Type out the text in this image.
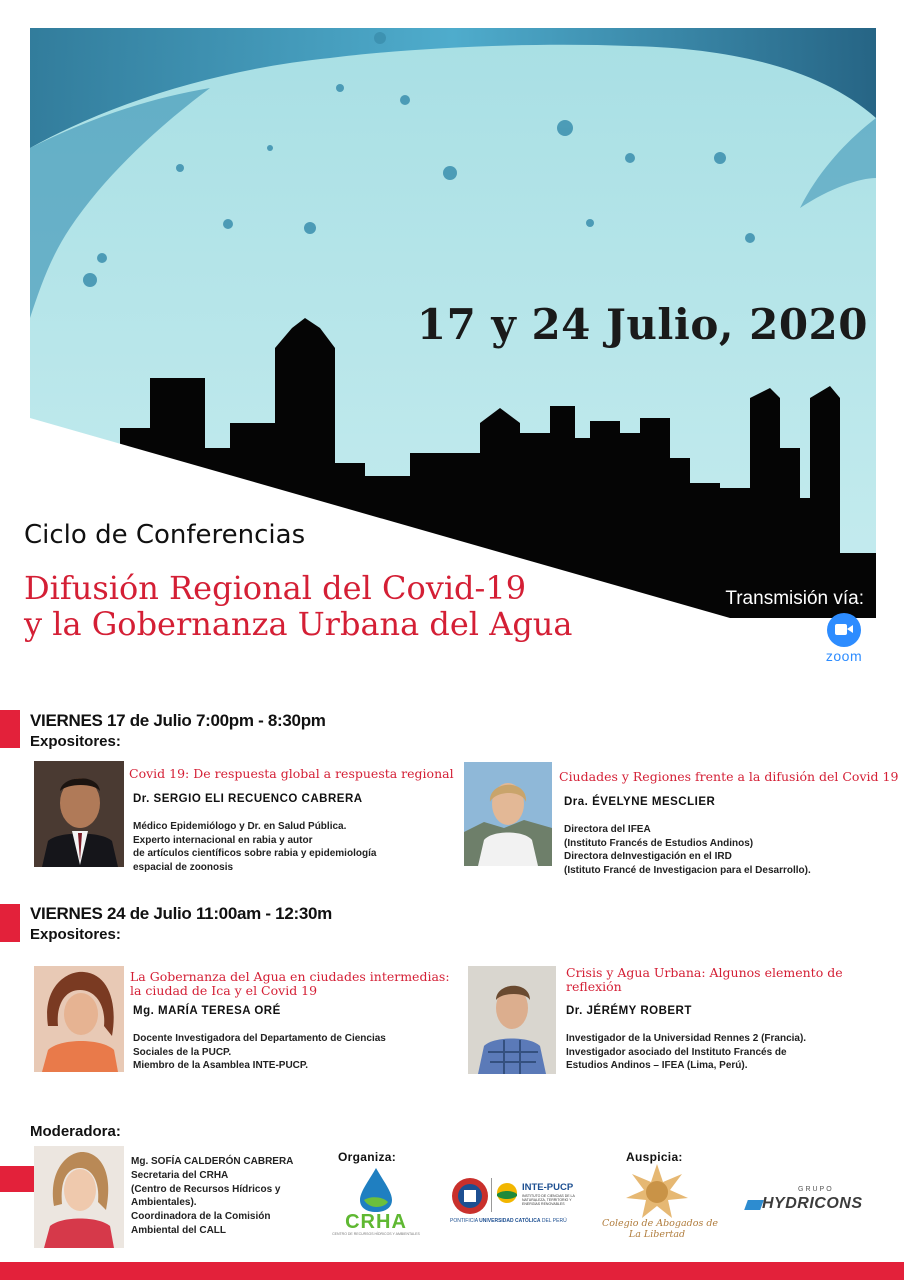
17 y 24 Julio, 2020
Ciclo de Conferencias
Difusión Regional del Covid-19
y la Gobernanza Urbana del Agua
Transmisión vía:
zoom
VIERNES 17 de Julio 7:00pm - 8:30pm
Expositores:
Covid 19: De respuesta global a respuesta regional
Dr. SERGIO ELI RECUENCO CABRERA
Médico Epidemiólogo y Dr. en Salud Pública.
Experto internacional en rabia y autor
de artículos científicos sobre rabia y epidemiología
espacial de zoonosis
Ciudades y Regiones frente a la difusión del Covid 19
Dra. ÉVELYNE MESCLIER
Directora del IFEA
(Instituto Francés de Estudios Andinos)
Directora deInvestigación en el IRD
(Istituto Francé de Investigacion para el Desarrollo).
VIERNES 24 de Julio 11:00am - 12:30m
Expositores:
La Gobernanza del Agua en ciudades intermedias:
la ciudad de Ica y el Covid 19
Mg. MARÍA TERESA ORÉ
Docente Investigadora del Departamento de Ciencias
Sociales de la PUCP.
Miembro de la Asamblea INTE-PUCP.
Crisis y Agua Urbana: Algunos elemento de
reflexión
Dr. JÉRÉMY ROBERT
Investigador de la Universidad Rennes 2 (Francia).
Investigador asociado del Instituto Francés de
Estudios Andinos – IFEA (Lima, Perú).
Moderadora:
Mg. SOFÍA CALDERÓN CABRERA
Secretaria del CRHA
(Centro de Recursos Hídricos y
Ambientales).
Coordinadora de la Comisión
Ambiental del CALL
Organiza:
CRHA
CENTRO DE RECURSOS HÍDRICOS Y AMBIENTALES
INTE-PUCP
INSTITUTO DE CIENCIAS DE LA NATURALEZA, TERRITORIO Y ENERGÍAS RENOVABLES
PONTIFICIA UNIVERSIDAD CATÓLICA DEL PERÚ
Auspicia:
Colegio de Abogados de
La Libertad
GRUPO
HYDRICONS
